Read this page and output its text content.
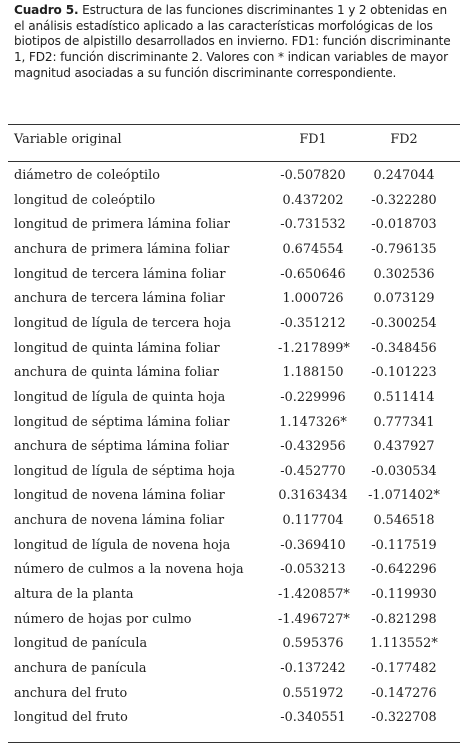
Cuadro 5. Estructura de las funciones discriminantes 1 y 2 obtenidas en el análisis estadístico aplicado a las características morfológicas de los biotipos de alpistillo desarrollados en invierno. FD1: función discriminante 1, FD2: función discriminante 2. Valores con * indican variables de mayor magnitud asociadas a su función discriminante correspondiente.

Variable original	FD1	FD2
diámetro de coleóptilo	-0.507820	0.247044
longitud de coleóptilo	0.437202	-0.322280
longitud de primera lámina foliar	-0.731532	-0.018703
anchura de primera lámina foliar	0.674554	-0.796135
longitud de tercera lámina foliar	-0.650646	0.302536
anchura de tercera lámina foliar	1.000726	0.073129
longitud de lígula de tercera hoja	-0.351212	-0.300254
longitud de quinta lámina foliar	-1.217899*	-0.348456
anchura de quinta lámina foliar	1.188150	-0.101223
longitud de lígula de quinta hoja	-0.229996	0.511414
longitud de séptima lámina foliar	1.147326*	0.777341
anchura de séptima lámina foliar	-0.432956	0.437927
longitud de lígula de séptima hoja	-0.452770	-0.030534
longitud de novena lámina foliar	0.3163434	-1.071402*
anchura de novena lámina foliar	0.117704	0.546518
longitud de lígula de novena hoja	-0.369410	-0.117519
número de culmos a la novena hoja	-0.053213	-0.642296
altura de la planta	-1.420857*	-0.119930
número de hojas por culmo	-1.496727*	-0.821298
longitud de panícula	0.595376	1.113552*
anchura de panícula	-0.137242	-0.177482
anchura del fruto	0.551972	-0.147276
longitud del fruto	-0.340551	-0.322708
